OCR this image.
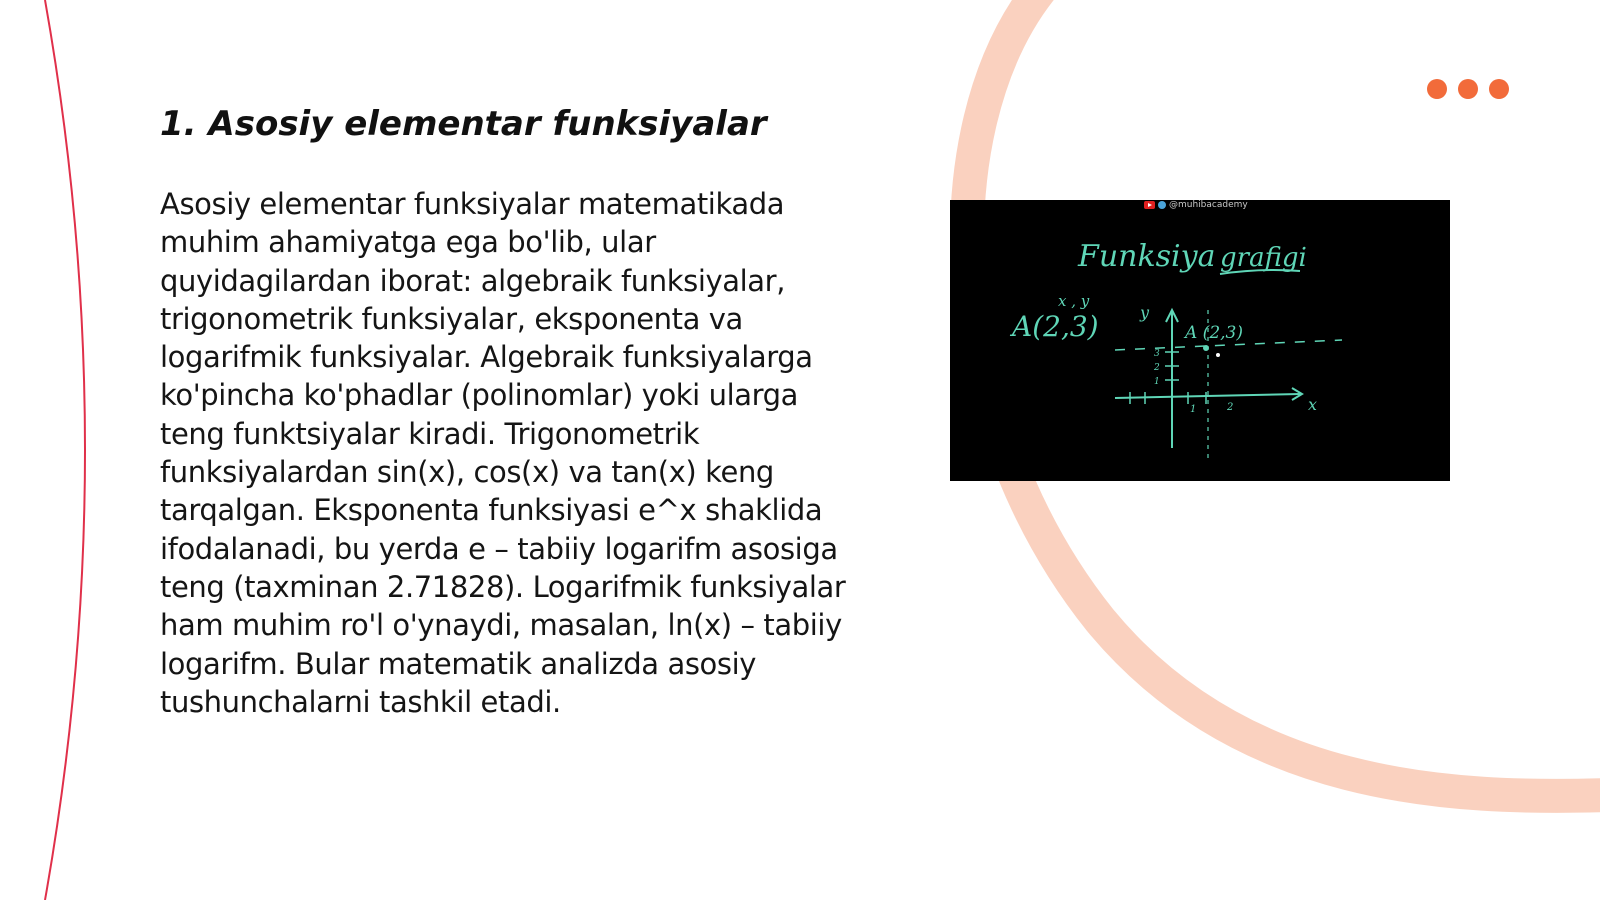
1. Asosiy elementar funksiyalar

Asosiy elementar funksiyalar matematikada muhim ahamiyatga ega bo'lib, ular quyidagilardan iborat: algebraik funksiyalar, trigonometrik funksiyalar, eksponenta va logarifmik funksiyalar. Algebraik funksiyalarga ko'pincha ko'phadlar (polinomlar) yoki ularga teng funktsiyalar kiradi. Trigonometrik funksiyalardan sin(x), cos(x) va tan(x) keng tarqalgan. Eksponenta funksiyasi e^x shaklida ifodalanadi, bu yerda e – tabiiy logarifm asosiga teng (taxminan 2.71828). Logarifmik funksiyalar ham muhim ro'l o'ynaydi, masalan, ln(x) – tabiiy logarifm. Bular matematik analizda asosiy tushunchalarni tashkil etadi.

@muhibacademy
Funksiya grafigi
x , y
A(2,3)	y
x
1
2
3
1	2
A (2,3)
